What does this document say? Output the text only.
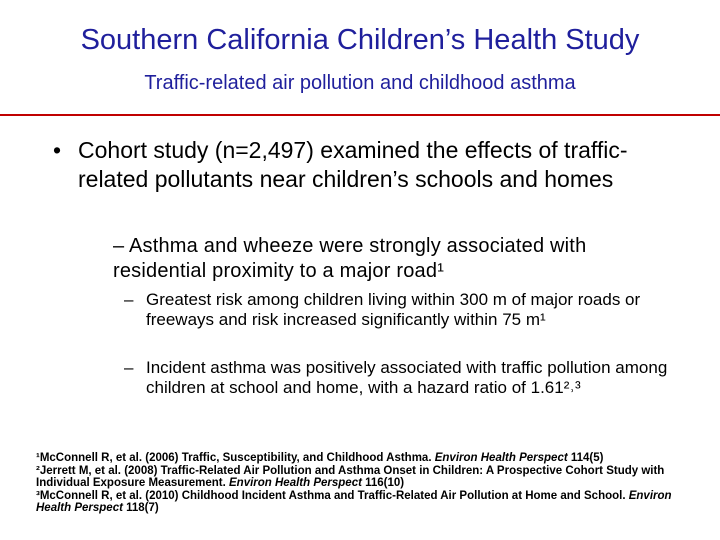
Southern California Children’s Health Study
Traffic-related air pollution and childhood asthma
• Cohort study (n=2,497) examined the effects of traffic-related pollutants near children’s schools and homes
– Asthma and wheeze were strongly associated with residential proximity to a major road¹
– Greatest risk among children living within 300 m of major roads or freeways and risk increased significantly within 75 m¹
– Incident asthma was positively associated with traffic pollution among children at school and home, with a hazard ratio of 1.61²˒³
¹McConnell R, et al. (2006) Traffic, Susceptibility, and Childhood Asthma. Environ Health Perspect 114(5)
²Jerrett M, et al. (2008) Traffic-Related Air Pollution and Asthma Onset in Children: A Prospective Cohort Study with Individual Exposure Measurement. Environ Health Perspect 116(10)
³McConnell R, et al. (2010) Childhood Incident Asthma and Traffic-Related Air Pollution at Home and School. Environ Health Perspect 118(7)
